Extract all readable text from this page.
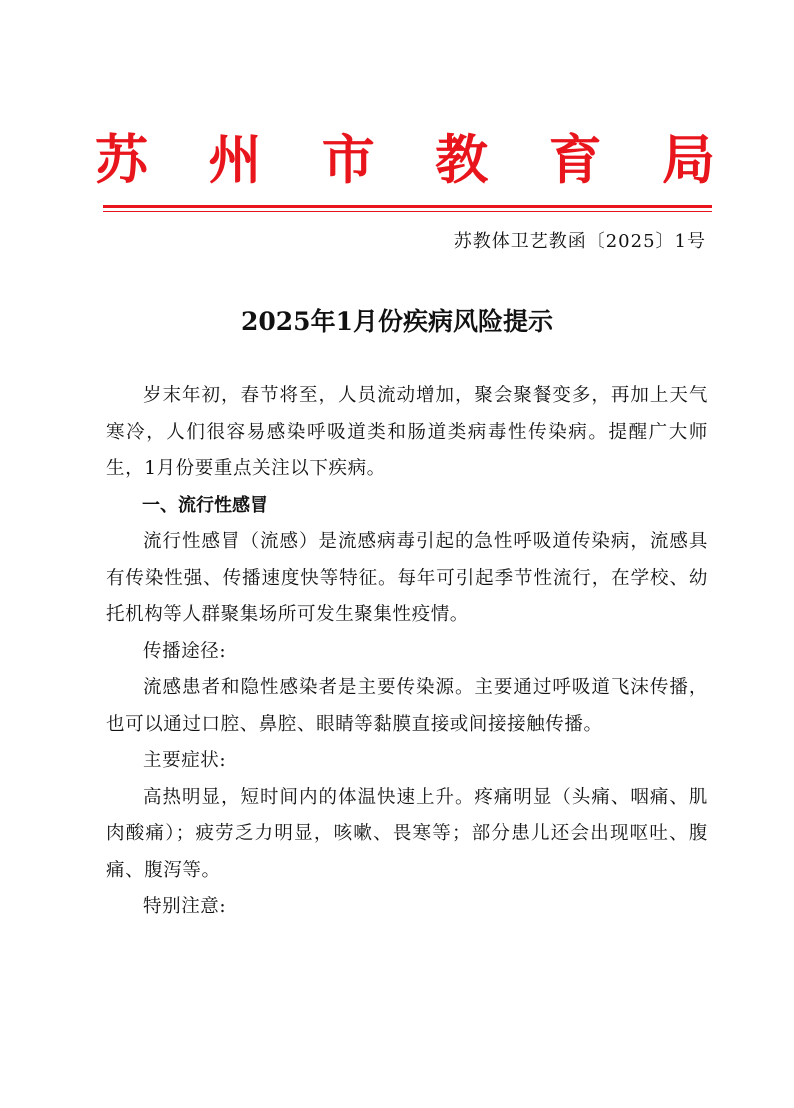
苏 州 市 教 育 局
苏教体卫艺教函〔2025〕1号
2025年1月份疾病风险提示

岁末年初，春节将至，人员流动增加，聚会聚餐变多，再加上天气寒冷，人们很容易感染呼吸道类和肠道类病毒性传染病。提醒广大师生，1月份要重点关注以下疾病。

一、流行性感冒

流行性感冒（流感）是流感病毒引起的急性呼吸道传染病，流感具有传染性强、传播速度快等特征。每年可引起季节性流行，在学校、幼托机构等人群聚集场所可发生聚集性疫情。

传播途径:

流感患者和隐性感染者是主要传染源。主要通过呼吸道飞沫传播，也可以通过口腔、鼻腔、眼睛等黏膜直接或间接接触传播。

主要症状:

高热明显，短时间内的体温快速上升。疼痛明显（头痛、咽痛、肌肉酸痛）；疲劳乏力明显，咳嗽、畏寒等；部分患儿还会出现呕吐、腹痛、腹泻等。

特别注意:
